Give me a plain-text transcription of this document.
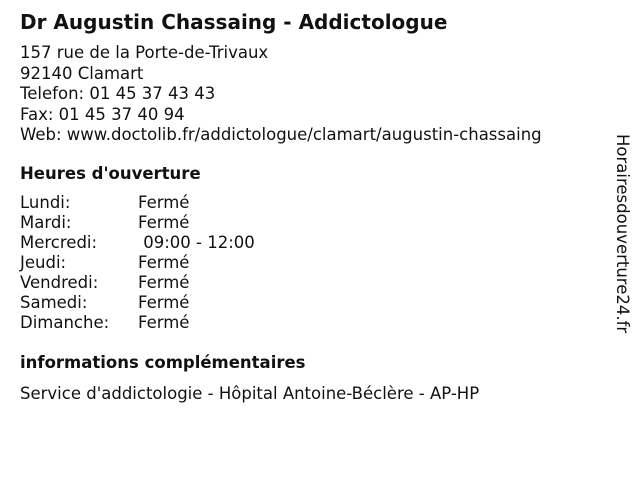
Dr Augustin Chassaing - Addictologue
157 rue de la Porte-de-Trivaux
92140 Clamart
Telefon: 01 45 37 43 43
Fax: 01 45 37 40 94
Web: www.doctolib.fr/addictologue/clamart/augustin-chassaing
Heures d'ouverture
Lundi:	Fermé
Mardi:	Fermé
Mercredi:	09:00 - 12:00
Jeudi:	Fermé
Vendredi:	Fermé
Samedi:	Fermé
Dimanche:	Fermé
informations complémentaires
Service d'addictologie - Hôpital Antoine-Béclère - AP-HP
Horairesdouverture24.fr
